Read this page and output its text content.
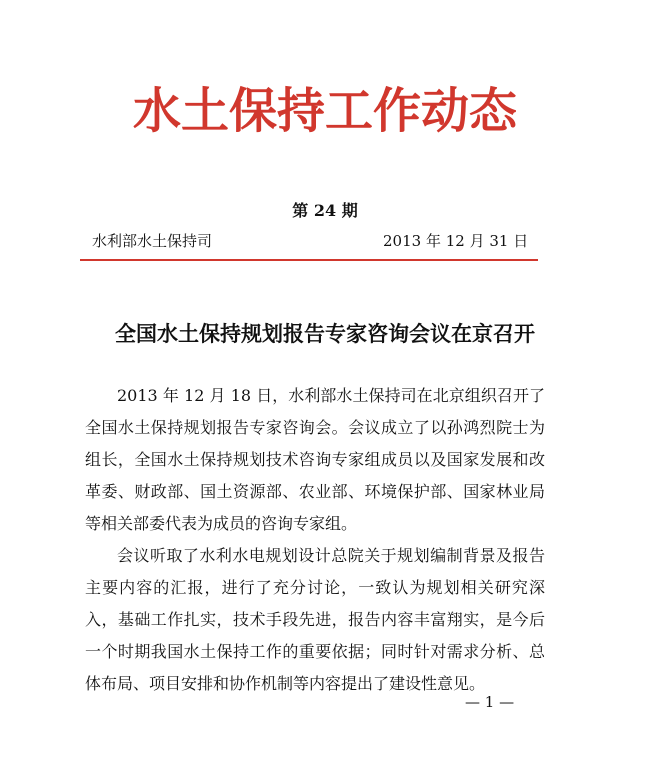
水土保持工作动态
第 24 期
水利部水土保持司	2013 年 12 月 31 日
全国水土保持规划报告专家咨询会议在京召开

2013 年 12 月 18 日，水利部水土保持司在北京组织召开了全国水土保持规划报告专家咨询会。会议成立了以孙鸿烈院士为组长，全国水土保持规划技术咨询专家组成员以及国家发展和改革委、财政部、国土资源部、农业部、环境保护部、国家林业局等相关部委代表为成员的咨询专家组。

会议听取了水利水电规划设计总院关于规划编制背景及报告主要内容的汇报，进行了充分讨论，一致认为规划相关研究深入，基础工作扎实，技术手段先进，报告内容丰富翔实，是今后一个时期我国水土保持工作的重要依据；同时针对需求分析、总体布局、项目安排和协作机制等内容提出了建设性意见。

— 1 —
